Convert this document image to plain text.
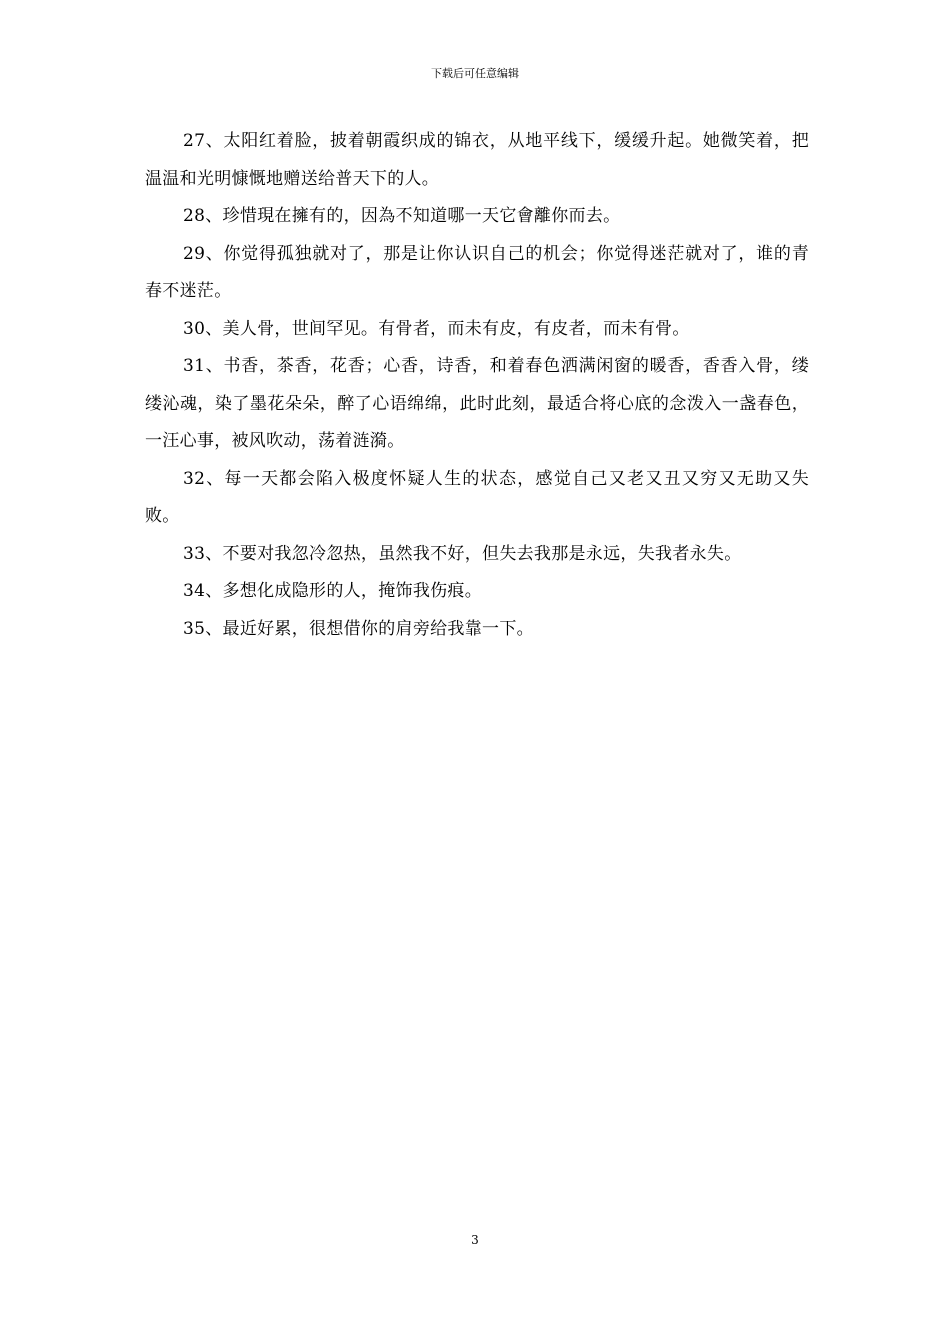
下载后可任意编辑

27、太阳红着脸，披着朝霞织成的锦衣，从地平线下，缓缓升起。她微笑着，把温温和光明慷慨地赠送给普天下的人。

28、珍惜現在擁有的，因為不知道哪一天它會離你而去。

29、你觉得孤独就对了，那是让你认识自己的机会；你觉得迷茫就对了，谁的青春不迷茫。

30、美人骨，世间罕见。有骨者，而未有皮，有皮者，而未有骨。

31、书香，茶香，花香；心香，诗香，和着春色洒满闲窗的暖香，香香入骨，缕缕沁魂，染了墨花朵朵，醉了心语绵绵，此时此刻，最适合将心底的念泼入一盏春色，一汪心事，被风吹动，荡着涟漪。

32、每一天都会陷入极度怀疑人生的状态，感觉自己又老又丑又穷又无助又失败。

33、不要对我忽冷忽热，虽然我不好，但失去我那是永远，失我者永失。

34、多想化成隐形的人，掩饰我伤痕。

35、最近好累，很想借你的肩旁给我靠一下。

3
